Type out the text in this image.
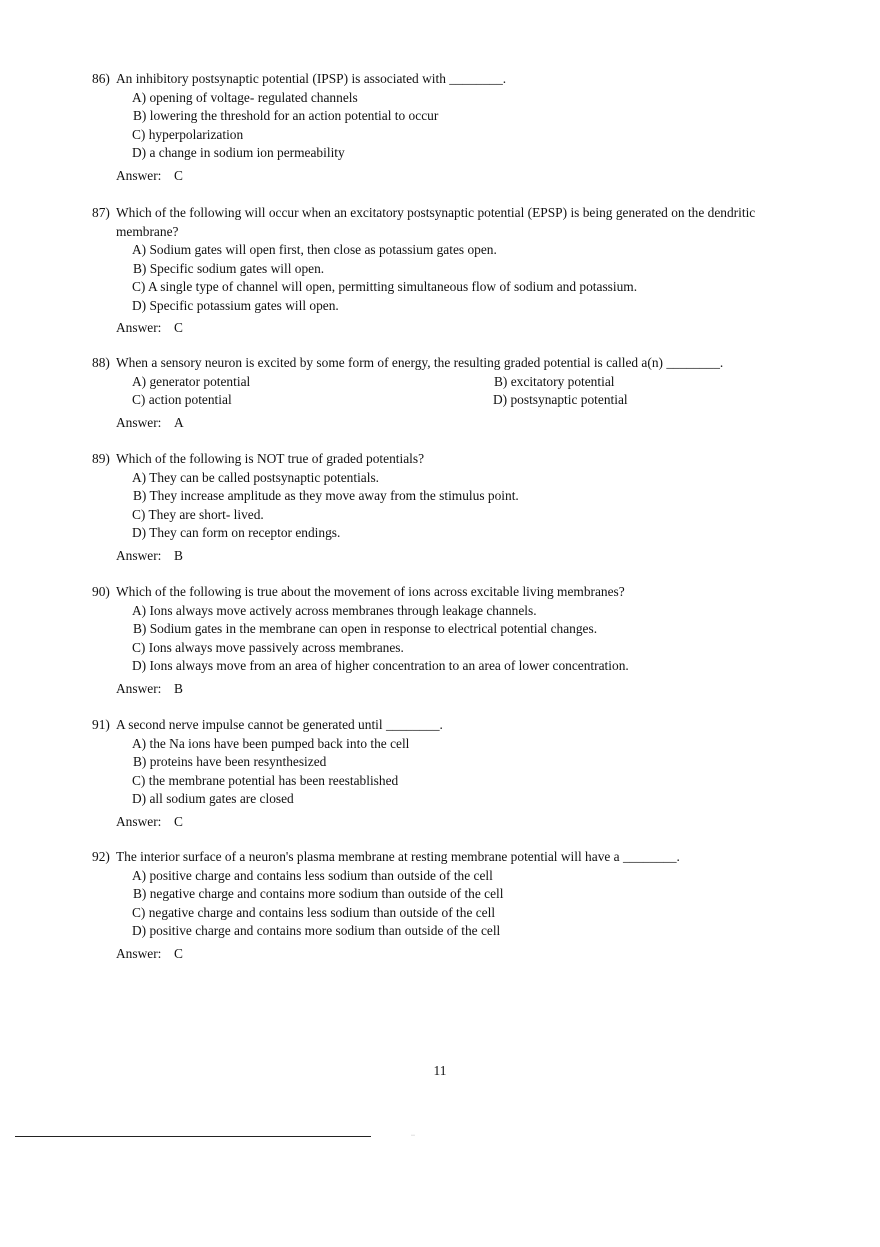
86) An inhibitory postsynaptic potential (IPSP) is associated with ________.
A) opening of voltage- regulated channels
B) lowering the threshold for an action potential to occur
C) hyperpolarization
D) a change in sodium ion permeability
Answer: C
87) Which of the following will occur when an excitatory postsynaptic potential (EPSP) is being generated on the dendritic membrane?
A) Sodium gates will open first, then close as potassium gates open.
B) Specific sodium gates will open.
C) A single type of channel will open, permitting simultaneous flow of sodium and potassium.
D) Specific potassium gates will open.
Answer: C
88) When a sensory neuron is excited by some form of energy, the resulting graded potential is called a(n) ________.
A) generator potential	B) excitatory potential
C) action potential	D) postsynaptic potential
Answer: A
89) Which of the following is NOT true of graded potentials?
A) They can be called postsynaptic potentials.
B) They increase amplitude as they move away from the stimulus point.
C) They are short- lived.
D) They can form on receptor endings.
Answer: B
90) Which of the following is true about the movement of ions across excitable living membranes?
A) Ions always move actively across membranes through leakage channels.
B) Sodium gates in the membrane can open in response to electrical potential changes.
C) Ions always move passively across membranes.
D) Ions always move from an area of higher concentration to an area of lower concentration.
Answer: B
91) A second nerve impulse cannot be generated until ________.
A) the Na ions have been pumped back into the cell
B) proteins have been resynthesized
C) the membrane potential has been reestablished
D) all sodium gates are closed
Answer: C
92) The interior surface of a neuron's plasma membrane at resting membrane potential will have a ________.
A) positive charge and contains less sodium than outside of the cell
B) negative charge and contains more sodium than outside of the cell
C) negative charge and contains less sodium than outside of the cell
D) positive charge and contains more sodium than outside of the cell
Answer: C
11
··
